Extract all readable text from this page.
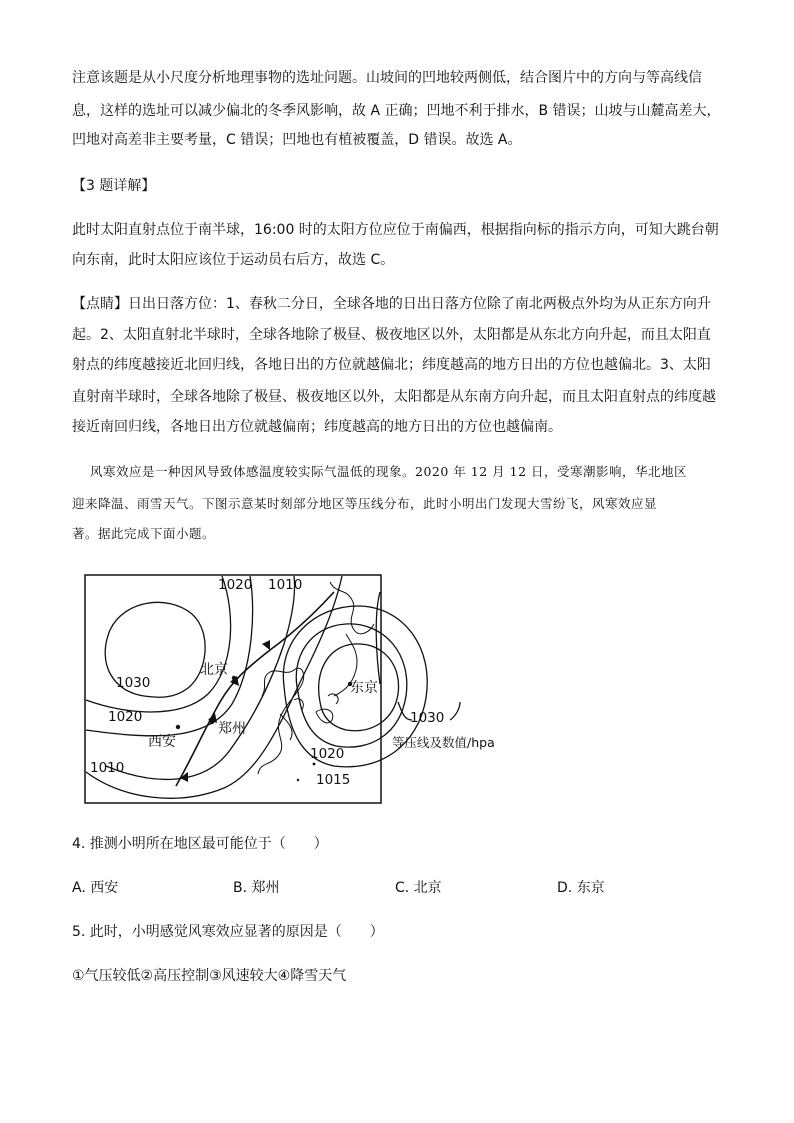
注意该题是从小尺度分析地理事物的选址问题。山坡间的凹地较两侧低，结合图片中的方向与等高线信
息，这样的选址可以减少偏北的冬季风影响，故 A 正确；凹地不利于排水，B 错误；山坡与山麓高差大，
凹地对高差非主要考量，C 错误；凹地也有植被覆盖，D 错误。故选 A。
【3 题详解】
此时太阳直射点位于南半球，16:00 时的太阳方位应位于南偏西，根据指向标的指示方向，可知大跳台朝
向东南，此时太阳应该位于运动员右后方，故选 C。
【点睛】日出日落方位：1、春秋二分日，全球各地的日出日落方位除了南北两极点外均为从正东方向升
起。2、太阳直射北半球时，全球各地除了极昼、极夜地区以外，太阳都是从东北方向升起，而且太阳直
射点的纬度越接近北回归线，各地日出的方位就越偏北；纬度越高的地方日出的方位也越偏北。3、太阳
直射南半球时，全球各地除了极昼、极夜地区以外，太阳都是从东南方向升起，而且太阳直射点的纬度越
接近南回归线，各地日出方位就越偏南；纬度越高的地方日出的方位也越偏南。
风寒效应是一种因风导致体感温度较实际气温低的现象。2020 年 12 月 12 日，受寒潮影响，华北地区
迎来降温、雨雪天气。下图示意某时刻部分地区等压线分布，此时小明出门发现大雪纷飞，风寒效应显
著。据此完成下面小题。
北京
郑州
西安
东京
1020 1010
1030
1020
1010
1020
1015
1030
等压线及数值/hpa
4. 推测小明所在地区最可能位于（　　）
A. 西安	B. 郑州	C. 北京	D. 东京
5. 此时，小明感觉风寒效应显著的原因是（　　）
①气压较低②高压控制③风速较大④降雪天气
